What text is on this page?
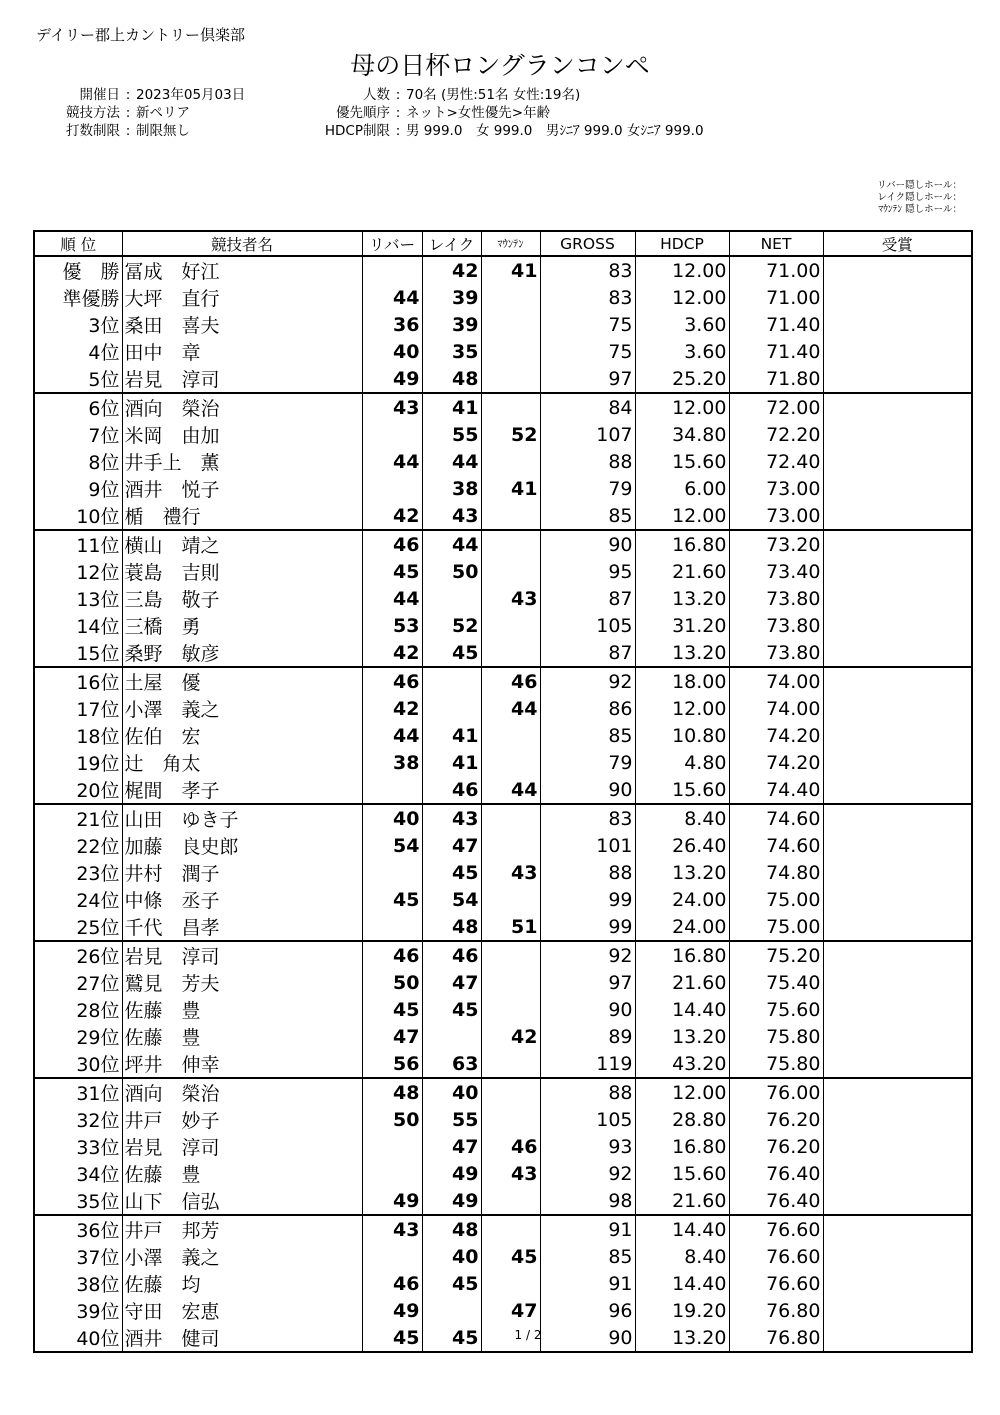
デイリー郡上カントリー倶楽部
母の日杯ロングランコンペ
開催日 : 2023年05月03日
競技方法 : 新ペリア
打数制限 : 制限無し
人数 : 70名 (男性:51名 女性:19名)
優先順序 : ネット>女性優先>年齢
HDCP制限 : 男 999.0　女 999.0　男ｼﾆｱ 999.0 女ｼﾆｱ 999.0
リバー隠しホール：
レイク隠しホール：
ﾏｳﾝﾃﾝ 隠しホール：
順 位	競技者名	リバー	レイク	ﾏｳﾝﾃﾝ	GROSS	HDCP	NET	受賞
優　勝	冨成　好江		42	41	83	12.00	71.00	
準優勝	大坪　直行	44	39		83	12.00	71.00	
3位	桑田　喜夫	36	39		75	3.60	71.40	
4位	田中　章	40	35		75	3.60	71.40	
5位	岩見　淳司	49	48		97	25.20	71.80	
6位	酒向　榮治	43	41		84	12.00	72.00	
7位	米岡　由加		55	52	107	34.80	72.20	
8位	井手上　薫	44	44		88	15.60	72.40	
9位	酒井　悦子		38	41	79	6.00	73.00	
10位	楯　禮行	42	43		85	12.00	73.00	
11位	横山　靖之	46	44		90	16.80	73.20	
12位	蓑島　吉則	45	50		95	21.60	73.40	
13位	三島　敬子	44		43	87	13.20	73.80	
14位	三橋　勇	53	52		105	31.20	73.80	
15位	桑野　敏彦	42	45		87	13.20	73.80	
16位	土屋　優	46		46	92	18.00	74.00	
17位	小澤　義之	42		44	86	12.00	74.00	
18位	佐伯　宏	44	41		85	10.80	74.20	
19位	辻　角太	38	41		79	4.80	74.20	
20位	梶間　孝子		46	44	90	15.60	74.40	
21位	山田　ゆき子	40	43		83	8.40	74.60	
22位	加藤　良史郎	54	47		101	26.40	74.60	
23位	井村　潤子		45	43	88	13.20	74.80	
24位	中條　丞子	45	54		99	24.00	75.00	
25位	千代　昌孝		48	51	99	24.00	75.00	
26位	岩見　淳司	46	46		92	16.80	75.20	
27位	鷲見　芳夫	50	47		97	21.60	75.40	
28位	佐藤　豊	45	45		90	14.40	75.60	
29位	佐藤　豊	47		42	89	13.20	75.80	
30位	坪井　伸幸	56	63		119	43.20	75.80	
31位	酒向　榮治	48	40		88	12.00	76.00	
32位	井戸　妙子	50	55		105	28.80	76.20	
33位	岩見　淳司		47	46	93	16.80	76.20	
34位	佐藤　豊		49	43	92	15.60	76.40	
35位	山下　信弘	49	49		98	21.60	76.40	
36位	井戸　邦芳	43	48		91	14.40	76.60	
37位	小澤　義之		40	45	85	8.40	76.60	
38位	佐藤　均	46	45		91	14.40	76.60	
39位	守田　宏恵	49		47	96	19.20	76.80	
40位	酒井　健司	45	45		90	13.20	76.80	
1 / 2
